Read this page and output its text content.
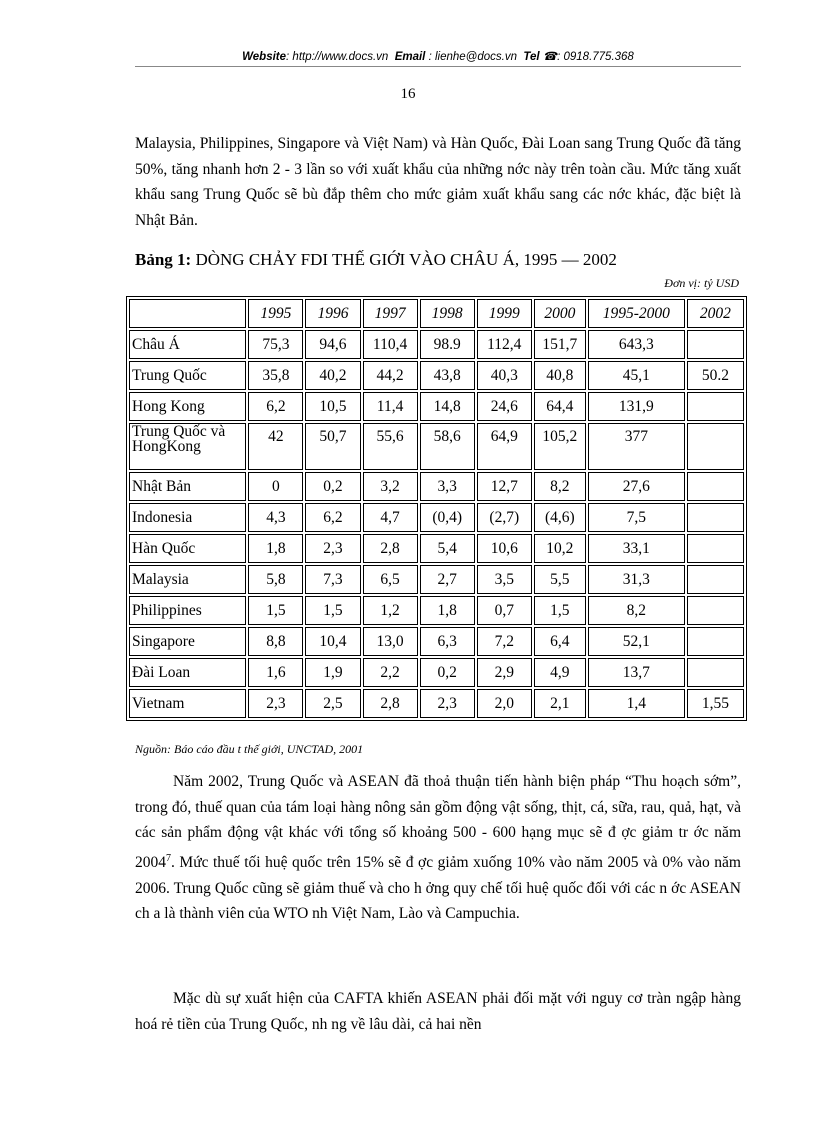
Website: http://www.docs.vn Email : lienhe@docs.vn Tel ☎: 0918.775.368
16

Malaysia, Philippines, Singapore và Việt Nam) và Hàn Quốc, Đài Loan sang Trung Quốc đã tăng 50%, tăng nhanh hơn 2 - 3 lần so với xuất khẩu của những nớc này trên toàn cầu. Mức tăng xuất khẩu sang Trung Quốc sẽ bù đắp thêm cho mức giảm xuất khẩu sang các nớc khác, đặc biệt là Nhật Bản.

Bảng 1: DÒNG CHẢY FDI THẾ GIỚI VÀO CHÂU Á, 1995 — 2002
Đơn vị: tỷ USD
	1995	1996	1997	1998	1999	2000	1995-2000	2002
Châu Á	75,3	94,6	110,4	98.9	112,4	151,7	643,3	
Trung Quốc	35,8	40,2	44,2	43,8	40,3	40,8	45,1	50.2
Hong Kong	6,2	10,5	11,4	14,8	24,6	64,4	131,9	
Trung Quốc và HongKong	42	50,7	55,6	58,6	64,9	105,2	377	
Nhật Bản	0	0,2	3,2	3,3	12,7	8,2	27,6	
Indonesia	4,3	6,2	4,7	(0,4)	(2,7)	(4,6)	7,5	
Hàn Quốc	1,8	2,3	2,8	5,4	10,6	10,2	33,1	
Malaysia	5,8	7,3	6,5	2,7	3,5	5,5	31,3	
Philippines	1,5	1,5	1,2	1,8	0,7	1,5	8,2	
Singapore	8,8	10,4	13,0	6,3	7,2	6,4	52,1	
Đài Loan	1,6	1,9	2,2	0,2	2,9	4,9	13,7	
Vietnam	2,3	2,5	2,8	2,3	2,0	2,1	1,4	1,55
Nguồn: Báo cáo đầu t thế giới, UNCTAD, 2001

Năm 2002, Trung Quốc và ASEAN đã thoả thuận tiến hành biện pháp “Thu hoạch sớm”, trong đó, thuế quan của tám loại hàng nông sản gồm động vật sống, thịt, cá, sữa, rau, quả, hạt, và các sản phẩm động vật khác với tổng số khoảng 500 - 600 hạng mục sẽ đ ợc giảm tr ớc năm 2004$^7$. Mức thuế tối huệ quốc trên 15% sẽ đ ợc giảm xuống 10% vào năm 2005 và 0% vào năm 2006. Trung Quốc cũng sẽ giảm thuế và cho h ởng quy chế tối huệ quốc đối với các n ớc ASEAN ch a là thành viên của WTO nh Việt Nam, Lào và Campuchia.

Mặc dù sự xuất hiện của CAFTA khiến ASEAN phải đối mặt với nguy cơ tràn ngập hàng hoá rẻ tiền của Trung Quốc, nh ng về lâu dài, cả hai nền
